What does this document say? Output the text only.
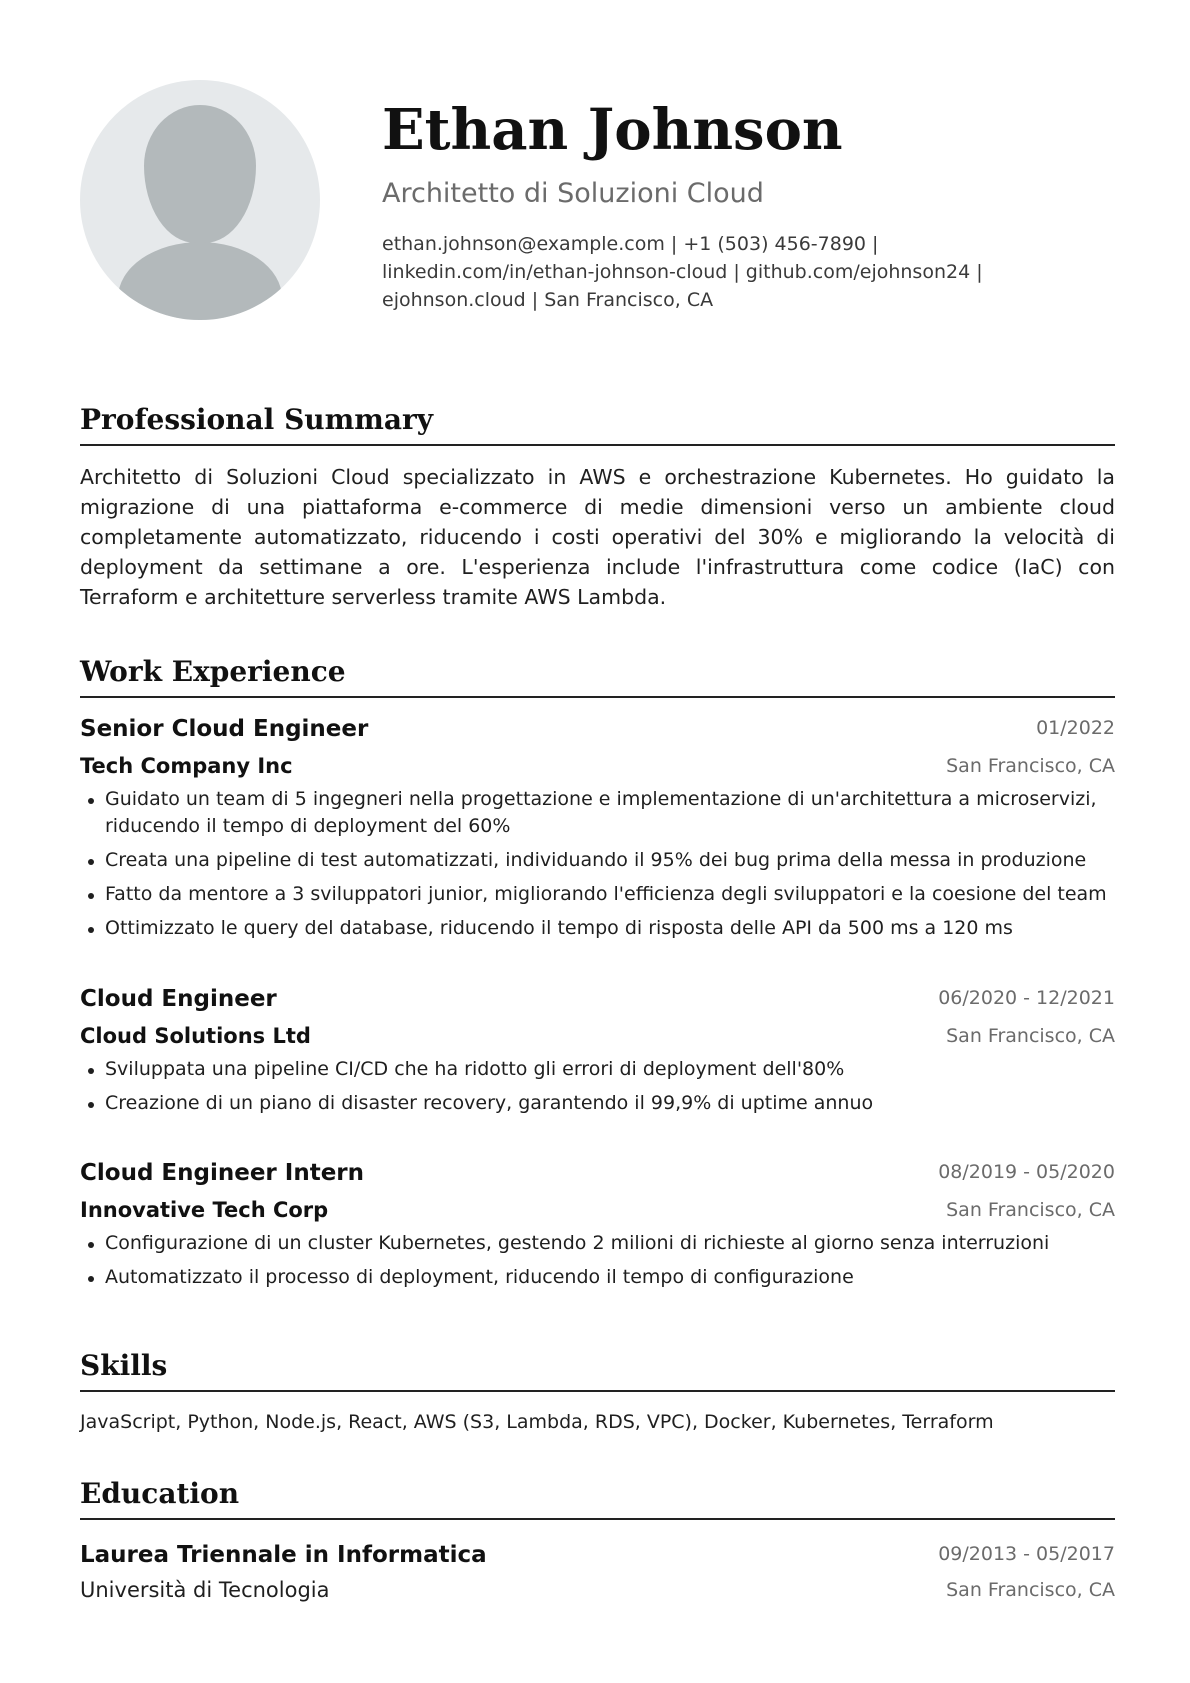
Ethan Johnson
Architetto di Soluzioni Cloud
ethan.johnson@example.com | +1 (503) 456-7890 |
linkedin.com/in/ethan-johnson-cloud | github.com/ejohnson24 |
ejohnson.cloud | San Francisco, CA
Professional Summary

Architetto di Soluzioni Cloud specializzato in AWS e orchestrazione Kubernetes. Ho guidato la migrazione di una piattaforma e-commerce di medie dimensioni verso un ambiente cloud completamente automatizzato, riducendo i costi operativi del 30% e migliorando la velocità di deployment da settimane a ore. L'esperienza include l'infrastruttura come codice (IaC) con Terraform e architetture serverless tramite AWS Lambda.

Work Experience
Senior Cloud Engineer	01/2022
Tech Company Inc	San Francisco, CA
Guidato un team di 5 ingegneri nella progettazione e implementazione di un'architettura a microservizi, riducendo il tempo di deployment del 60%
Creata una pipeline di test automatizzati, individuando il 95% dei bug prima della messa in produzione
Fatto da mentore a 3 sviluppatori junior, migliorando l'efficienza degli sviluppatori e la coesione del team
Ottimizzato le query del database, riducendo il tempo di risposta delle API da 500 ms a 120 ms
Cloud Engineer	06/2020 - 12/2021
Cloud Solutions Ltd	San Francisco, CA
Sviluppata una pipeline CI/CD che ha ridotto gli errori di deployment dell'80%
Creazione di un piano di disaster recovery, garantendo il 99,9% di uptime annuo
Cloud Engineer Intern	08/2019 - 05/2020
Innovative Tech Corp	San Francisco, CA
Configurazione di un cluster Kubernetes, gestendo 2 milioni di richieste al giorno senza interruzioni
Automatizzato il processo di deployment, riducendo il tempo di configurazione
Skills
JavaScript, Python, Node.js, React, AWS (S3, Lambda, RDS, VPC), Docker, Kubernetes, Terraform
Education
Laurea Triennale in Informatica	09/2013 - 05/2017
Università di Tecnologia	San Francisco, CA
